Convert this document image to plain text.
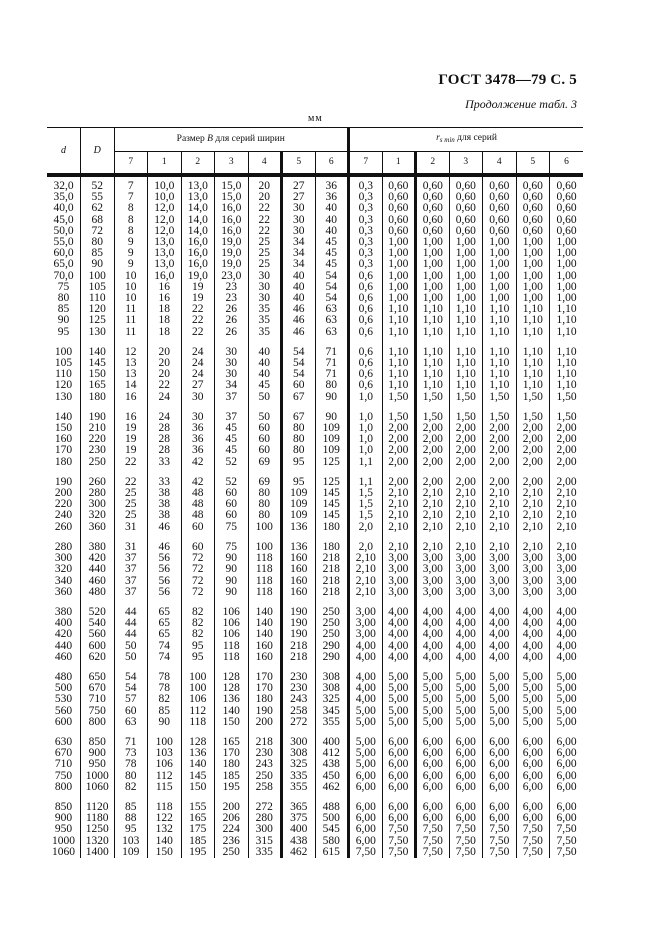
ГОСТ 3478—79 С. 5
Продолжение табл. 3
мм
d	D	Размер B для серий ширин							$r_{s min}$ для серий						
		7	1	2	3	4	5	6	7	1	2	3	4	5	6
32,0	52	7	10,0	13,0	15,0	20	27	36	0,3	0,60	0,60	0,60	0,60	0,60	0,60
35,0	55	7	10,0	13,0	15,0	20	27	36	0,3	0,60	0,60	0,60	0,60	0,60	0,60
40,0	62	8	12,0	14,0	16,0	22	30	40	0,3	0,60	0,60	0,60	0,60	0,60	0,60
45,0	68	8	12,0	14,0	16,0	22	30	40	0,3	0,60	0,60	0,60	0,60	0,60	0,60
50,0	72	8	12,0	14,0	16,0	22	30	40	0,3	0,60	0,60	0,60	0,60	0,60	0,60
55,0	80	9	13,0	16,0	19,0	25	34	45	0,3	1,00	1,00	1,00	1,00	1,00	1,00
60,0	85	9	13,0	16,0	19,0	25	34	45	0,3	1,00	1,00	1,00	1,00	1,00	1,00
65,0	90	9	13,0	16,0	19,0	25	34	45	0,3	1,00	1,00	1,00	1,00	1,00	1,00
70,0	100	10	16,0	19,0	23,0	30	40	54	0,6	1,00	1,00	1,00	1,00	1,00	1,00
75	105	10	16	19	23	30	40	54	0,6	1,00	1,00	1,00	1,00	1,00	1,00
80	110	10	16	19	23	30	40	54	0,6	1,00	1,00	1,00	1,00	1,00	1,00
85	120	11	18	22	26	35	46	63	0,6	1,10	1,10	1,10	1,10	1,10	1,10
90	125	11	18	22	26	35	46	63	0,6	1,10	1,10	1,10	1,10	1,10	1,10
95	130	11	18	22	26	35	46	63	0,6	1,10	1,10	1,10	1,10	1,10	1,10
100	140	12	20	24	30	40	54	71	0,6	1,10	1,10	1,10	1,10	1,10	1,10
105	145	13	20	24	30	40	54	71	0,6	1,10	1,10	1,10	1,10	1,10	1,10
110	150	13	20	24	30	40	54	71	0,6	1,10	1,10	1,10	1,10	1,10	1,10
120	165	14	22	27	34	45	60	80	0,6	1,10	1,10	1,10	1,10	1,10	1,10
130	180	16	24	30	37	50	67	90	1,0	1,50	1,50	1,50	1,50	1,50	1,50
140	190	16	24	30	37	50	67	90	1,0	1,50	1,50	1,50	1,50	1,50	1,50
150	210	19	28	36	45	60	80	109	1,0	2,00	2,00	2,00	2,00	2,00	2,00
160	220	19	28	36	45	60	80	109	1,0	2,00	2,00	2,00	2,00	2,00	2,00
170	230	19	28	36	45	60	80	109	1,0	2,00	2,00	2,00	2,00	2,00	2,00
180	250	22	33	42	52	69	95	125	1,1	2,00	2,00	2,00	2,00	2,00	2,00
190	260	22	33	42	52	69	95	125	1,1	2,00	2,00	2,00	2,00	2,00	2,00
200	280	25	38	48	60	80	109	145	1,5	2,10	2,10	2,10	2,10	2,10	2,10
220	300	25	38	48	60	80	109	145	1,5	2,10	2,10	2,10	2,10	2,10	2,10
240	320	25	38	48	60	80	109	145	1,5	2,10	2,10	2,10	2,10	2,10	2,10
260	360	31	46	60	75	100	136	180	2,0	2,10	2,10	2,10	2,10	2,10	2,10
280	380	31	46	60	75	100	136	180	2,0	2,10	2,10	2,10	2,10	2,10	2,10
300	420	37	56	72	90	118	160	218	2,10	3,00	3,00	3,00	3,00	3,00	3,00
320	440	37	56	72	90	118	160	218	2,10	3,00	3,00	3,00	3,00	3,00	3,00
340	460	37	56	72	90	118	160	218	2,10	3,00	3,00	3,00	3,00	3,00	3,00
360	480	37	56	72	90	118	160	218	2,10	3,00	3,00	3,00	3,00	3,00	3,00
380	520	44	65	82	106	140	190	250	3,00	4,00	4,00	4,00	4,00	4,00	4,00
400	540	44	65	82	106	140	190	250	3,00	4,00	4,00	4,00	4,00	4,00	4,00
420	560	44	65	82	106	140	190	250	3,00	4,00	4,00	4,00	4,00	4,00	4,00
440	600	50	74	95	118	160	218	290	4,00	4,00	4,00	4,00	4,00	4,00	4,00
460	620	50	74	95	118	160	218	290	4,00	4,00	4,00	4,00	4,00	4,00	4,00
480	650	54	78	100	128	170	230	308	4,00	5,00	5,00	5,00	5,00	5,00	5,00
500	670	54	78	100	128	170	230	308	4,00	5,00	5,00	5,00	5,00	5,00	5,00
530	710	57	82	106	136	180	243	325	4,00	5,00	5,00	5,00	5,00	5,00	5,00
560	750	60	85	112	140	190	258	345	5,00	5,00	5,00	5,00	5,00	5,00	5,00
600	800	63	90	118	150	200	272	355	5,00	5,00	5,00	5,00	5,00	5,00	5,00
630	850	71	100	128	165	218	300	400	5,00	6,00	6,00	6,00	6,00	6,00	6,00
670	900	73	103	136	170	230	308	412	5,00	6,00	6,00	6,00	6,00	6,00	6,00
710	950	78	106	140	180	243	325	438	5,00	6,00	6,00	6,00	6,00	6,00	6,00
750	1000	80	112	145	185	250	335	450	6,00	6,00	6,00	6,00	6,00	6,00	6,00
800	1060	82	115	150	195	258	355	462	6,00	6,00	6,00	6,00	6,00	6,00	6,00
850	1120	85	118	155	200	272	365	488	6,00	6,00	6,00	6,00	6,00	6,00	6,00
900	1180	88	122	165	206	280	375	500	6,00	6,00	6,00	6,00	6,00	6,00	6,00
950	1250	95	132	175	224	300	400	545	6,00	7,50	7,50	7,50	7,50	7,50	7,50
1000	1320	103	140	185	236	315	438	580	6,00	7,50	7,50	7,50	7,50	7,50	7,50
1060	1400	109	150	195	250	335	462	615	7,50	7,50	7,50	7,50	7,50	7,50	7,50
